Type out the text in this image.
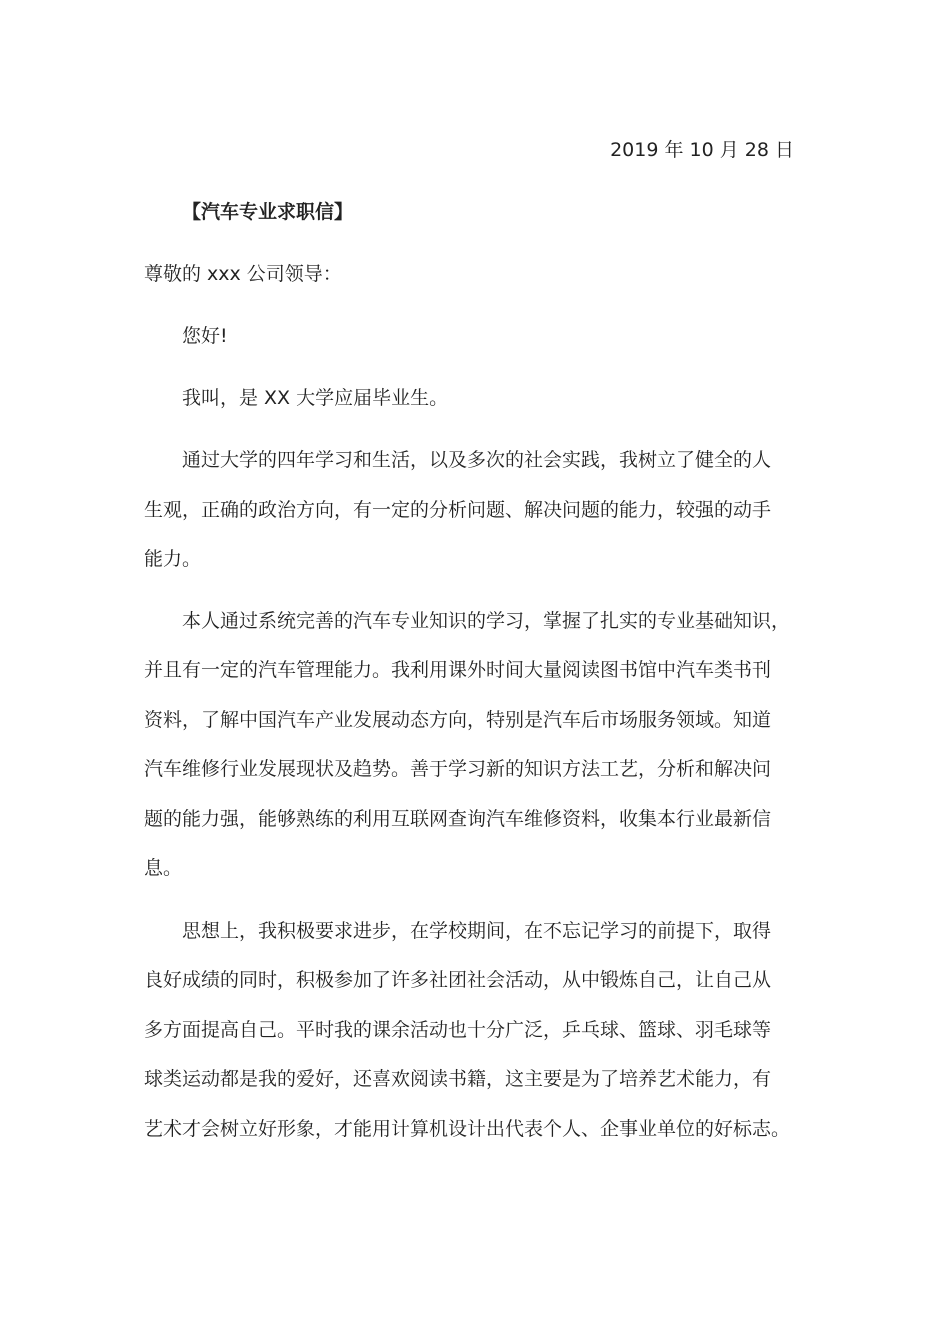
2019 年 10 月 28 日
【汽车专业求职信】
尊敬的 xxx 公司领导：
您好!
我叫，是 XX 大学应届毕业生。
通过大学的四年学习和生活，以及多次的社会实践，我树立了健全的人
生观，正确的政治方向，有一定的分析问题、解决问题的能力，较强的动手
能力。
本人通过系统完善的汽车专业知识的学习，掌握了扎实的专业基础知识，
并且有一定的汽车管理能力。我利用课外时间大量阅读图书馆中汽车类书刊
资料，了解中国汽车产业发展动态方向，特别是汽车后市场服务领域。知道
汽车维修行业发展现状及趋势。善于学习新的知识方法工艺，分析和解决问
题的能力强，能够熟练的利用互联网查询汽车维修资料，收集本行业最新信
息。
思想上，我积极要求进步，在学校期间，在不忘记学习的前提下，取得
良好成绩的同时，积极参加了许多社团社会活动，从中锻炼自己，让自己从
多方面提高自己。平时我的课余活动也十分广泛，乒乓球、篮球、羽毛球等
球类运动都是我的爱好，还喜欢阅读书籍，这主要是为了培养艺术能力，有
艺术才会树立好形象，才能用计算机设计出代表个人、企事业单位的好标志。
